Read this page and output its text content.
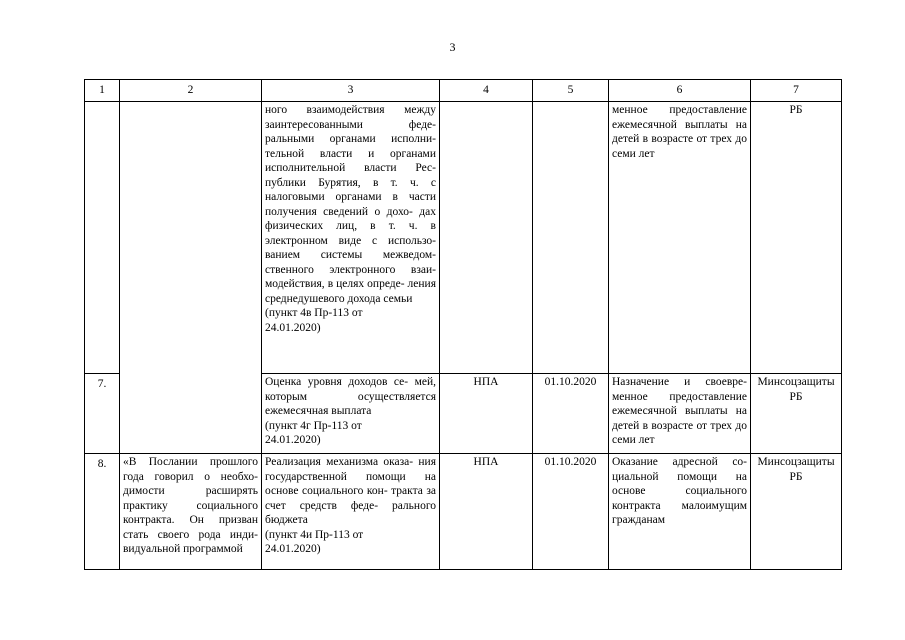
3
1	2	3	4	5	6	7

		ного взаимодействия между заинтересованными феде- ральными органами исполни- тельной власти и органами исполнительной власти Рес- публики Бурятия, в т. ч. с налоговыми органами в части получения сведений о дохо- дах физических лиц, в т. ч. в электронном виде с использо- ванием системы межведом- ственного электронного взаи- модействия, в целях опреде- ления среднедушевого дохода семьи
(пункт 4в Пр-113 от
24.01.2020)			менное предоставление ежемесячной выплаты на детей в возрасте от трех до семи лет	РБ
7.		Оценка уровня доходов се- мей, которым осуществляется ежемесячная выплата
(пункт 4г Пр-113 от
24.01.2020)	НПА	01.10.2020	Назначение и своевре- менное предоставление ежемесячной выплаты на детей в возрасте от трех до семи лет	Минсоцзащиты РБ
8.	«В Послании прошлого года говорил о необхо- димости расширять практику социального контракта. Он призван стать своего рода инди- видуальной программой	Реализация механизма оказа- ния государственной помощи на основе социального кон- тракта за счет средств феде- рального бюджета
(пункт 4и Пр-113 от
24.01.2020)	НПА	01.10.2020	Оказание адресной со- циальной помощи на основе социального контракта малоимущим гражданам	Минсоцзащиты РБ
